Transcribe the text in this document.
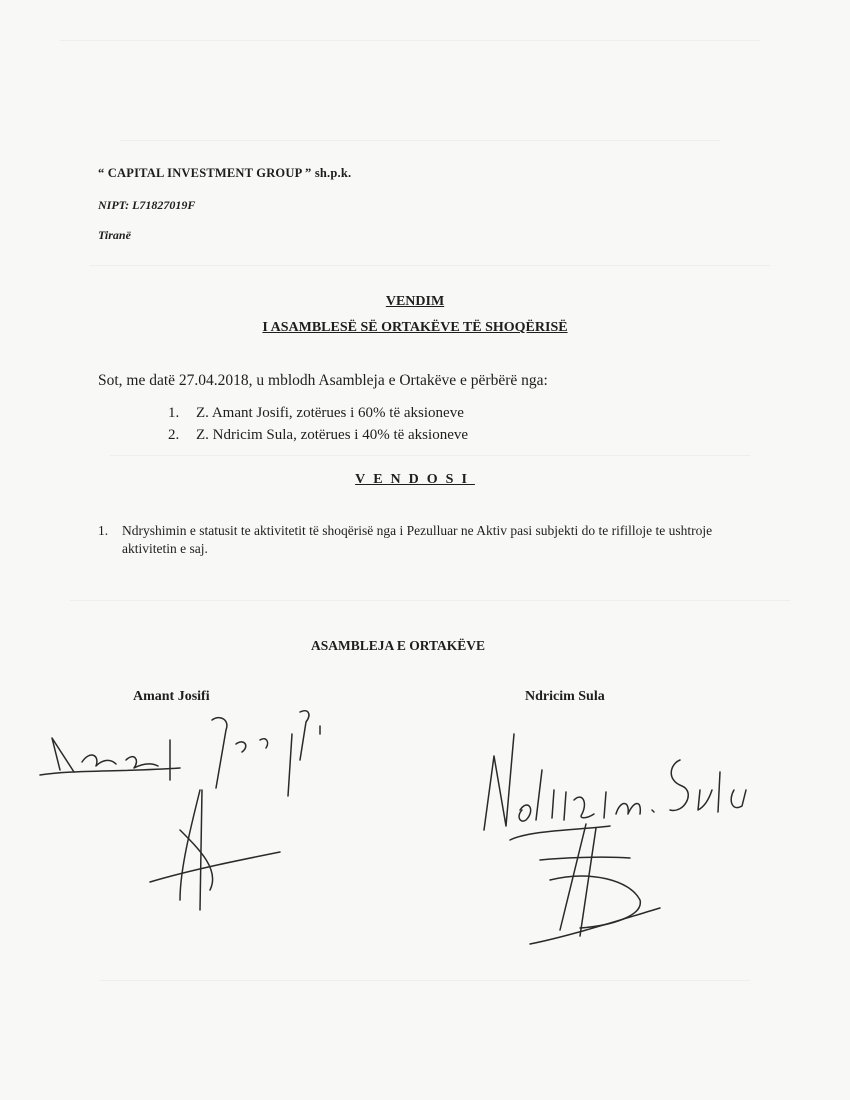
“ CAPITAL INVESTMENT GROUP ” sh.p.k.

NIPT: L71827019F

Tiranë

VENDIM
I ASAMBLESË SË ORTAKËVE TË SHOQËRISË

Sot, me datë 27.04.2018, u mblodh Asambleja e Ortakëve e përbërë nga:

1. Z. Amant Josifi, zotërues i 60% të aksioneve
2. Z. Ndricim Sula, zotërues i 40% të aksioneve
VENDOSI
1.	Ndryshimin e statusit te aktivitetit të shoqërisë nga i Pezulluar ne Aktiv pasi subjekti do te rifilloje te ushtroje aktivitetin e saj.

ASAMBLEJA E ORTAKËVE

Amant Josifi	Ndricim Sula
